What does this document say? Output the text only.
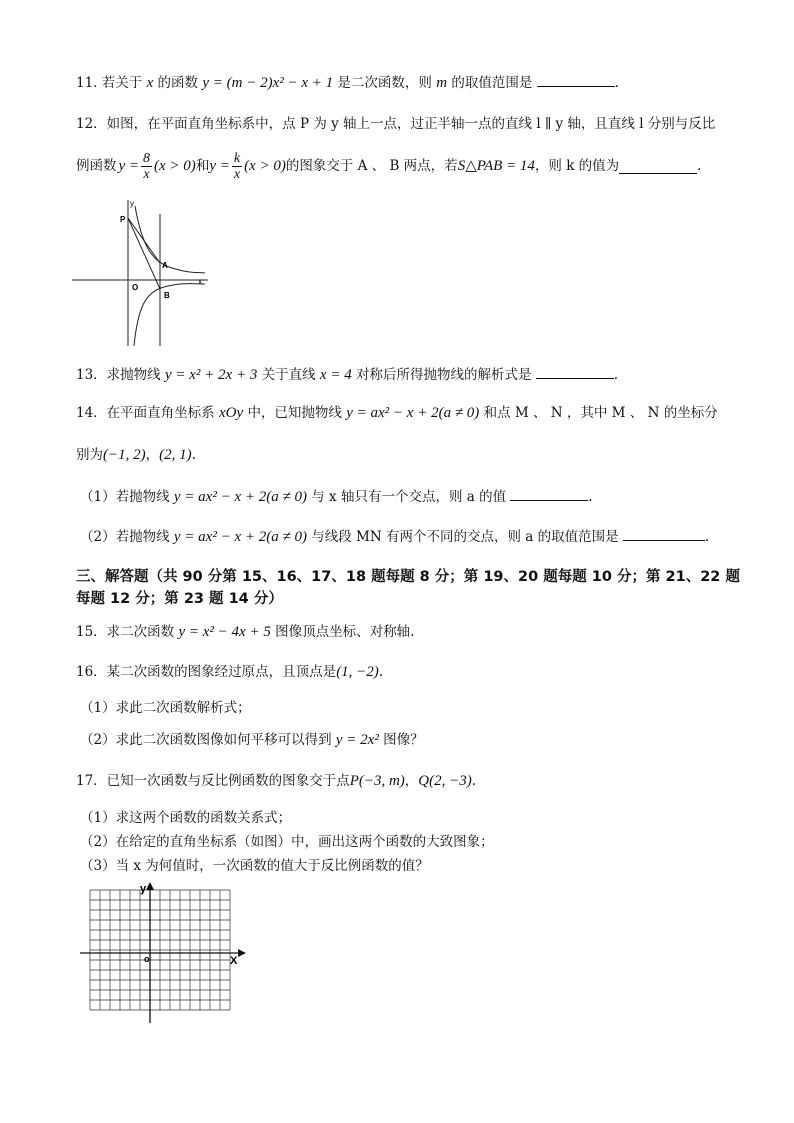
11. 若关于 x 的函数 y = (m − 2)x² − x + 1 是二次函数，则 m 的取值范围是	.
12．如图，在平面直角坐标系中，点 P 为 y 轴上一点，过正半轴一点的直线 l ∥ y 轴，且直线 l 分别与反比
例函数 $y = \frac{8}{x} (x > 0)$ 和 $y = \frac{k}{x} (x > 0)$ 的图象交于 A 、 B 两点，若 S△PAB = 14 ，则 k 的值为	.
y
P
A
B
O
x
13．求抛物线 y = x² + 2x + 3 关于直线 x = 4 对称后所得抛物线的解析式是	.
14．在平面直角坐标系 xOy 中，已知抛物线 y = ax² − x + 2(a ≠ 0) 和点 M 、 N ，其中 M 、 N 的坐标分
别为(−1, 2)，(2, 1).
（1）若抛物线 y = ax² − x + 2(a ≠ 0) 与 x 轴只有一个交点，则 a 的值	.
（2）若抛物线 y = ax² − x + 2(a ≠ 0) 与线段 MN 有两个不同的交点，则 a 的取值范围是	.
三、解答题（共 90 分第 15、16、17、18 题每题 8 分；第 19、20 题每题 10 分；第 21、22 题
每题 12 分；第 23 题 14 分）
15．求二次函数 y = x² − 4x + 5 图像顶点坐标、对称轴.
16．某二次函数的图象经过原点，且顶点是(1, −2).
（1）求此二次函数解析式；
（2）求此二次函数图像如何平移可以得到 y = 2x² 图像？
17．已知一次函数与反比例函数的图象交于点P(−3, m)，Q(2, −3).
（1）求这两个函数的函数关系式；
（2）在给定的直角坐标系（如图）中，画出这两个函数的大致图象；
（3）当 x 为何值时，一次函数的值大于反比例函数的值？
y
X
o
